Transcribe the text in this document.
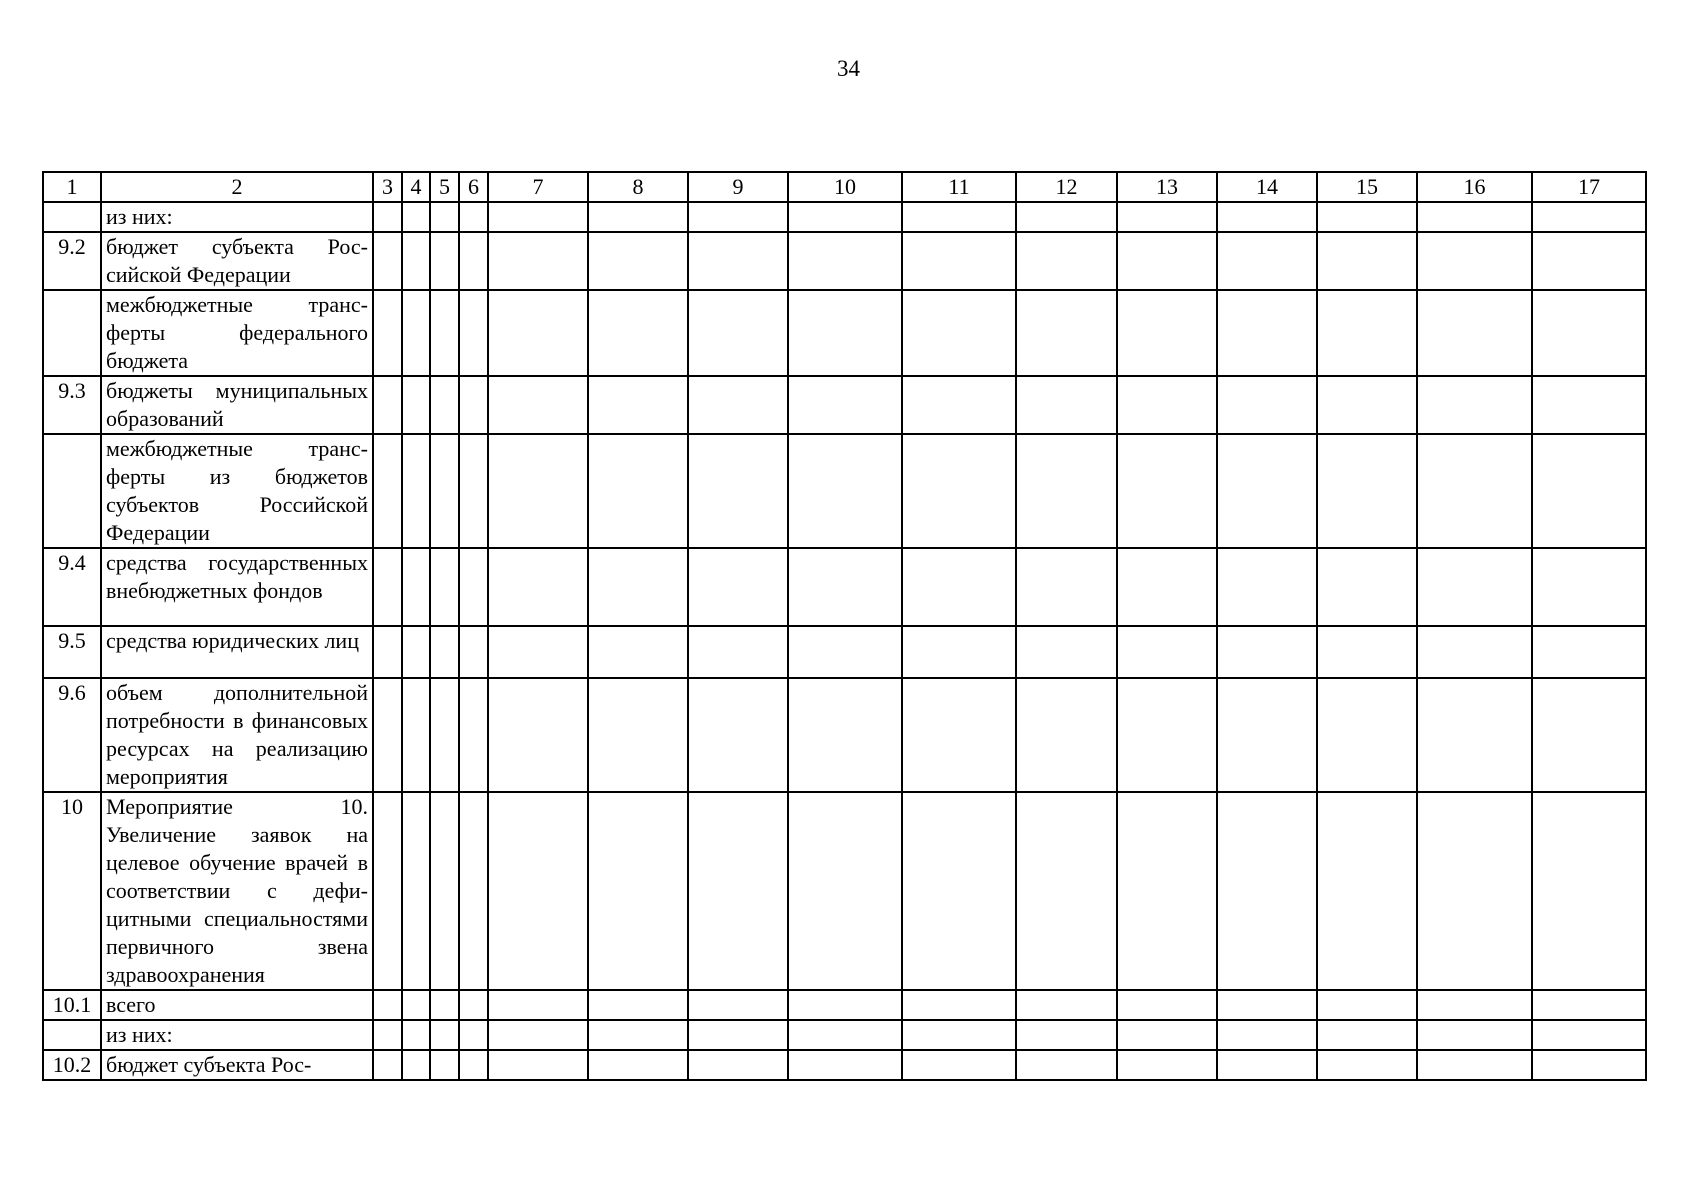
34
1	2	3	4	5	6	7	8	9	10	11	12	13	14	15	16	17
	из них:															
9.2	бюджет субъекта Российской Федерации															
	межбюджетные трансферты федерального бюджета															
9.3	бюджеты муниципальных образований															
	межбюджетные трансферты из бюджетов субъектов Российской Федерации															
9.4	средства государственных внебюджетных фондов															
9.5	средства юридических лиц															
9.6	объем дополнительной потребности в финансовых ресурсах на реализацию мероприятия															
10	Мероприятие 10. Увеличение заявок на целевое обучение врачей в соответствии с дефицитными специальностями первичного звена здравоохранения															
10.1	всего															
	из них:															
10.2	бюджет субъекта Рос-															
